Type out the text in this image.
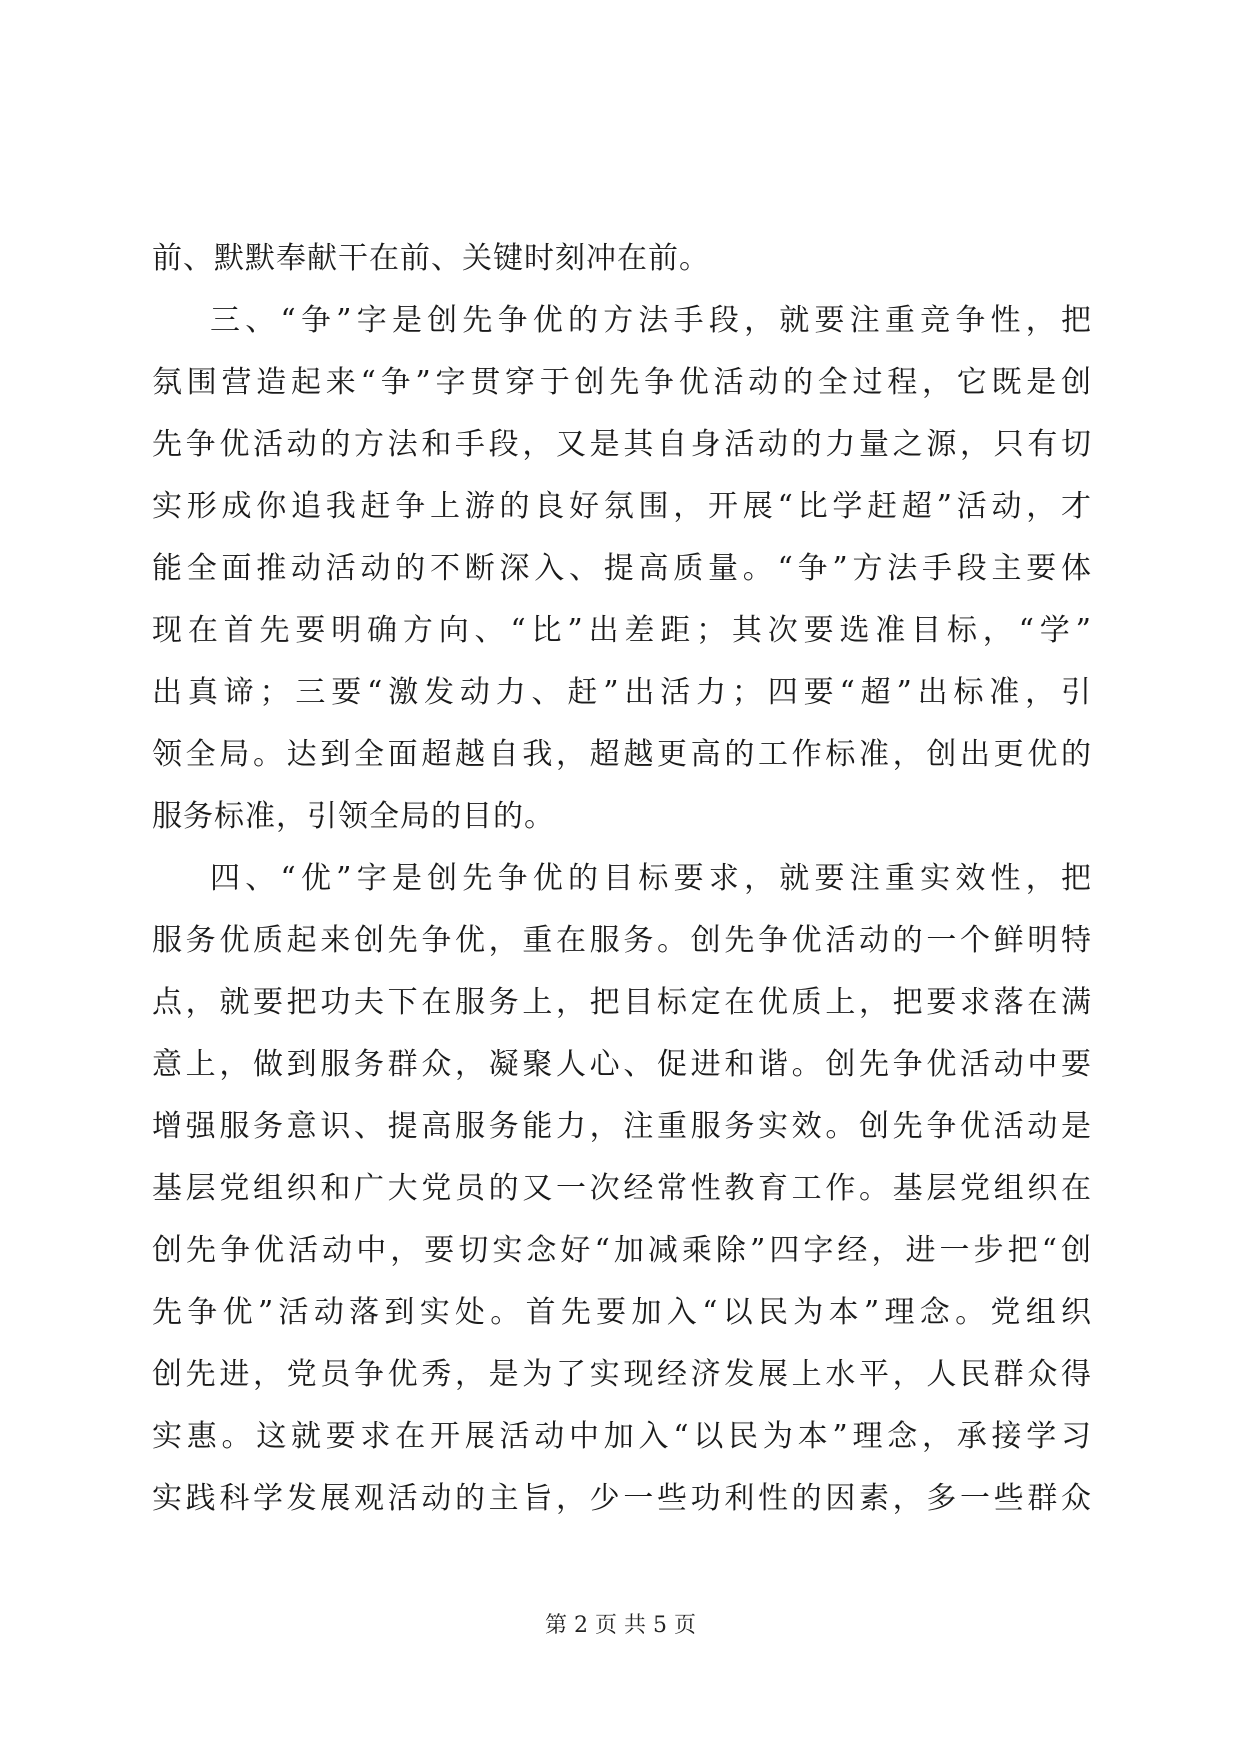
前、默默奉献干在前、关键时刻冲在前。
三、“争”字是创先争优的方法手段，就要注重竞争性，把
氛围营造起来“争”字贯穿于创先争优活动的全过程，它既是创
先争优活动的方法和手段，又是其自身活动的力量之源，只有切
实形成你追我赶争上游的良好氛围，开展“比学赶超”活动，才
能全面推动活动的不断深入、提高质量。“争”方法手段主要体
现在首先要明确方向、“比”出差距；其次要选准目标，“学”
出真谛；三要“激发动力、赶”出活力；四要“超”出标准，引
领全局。达到全面超越自我，超越更高的工作标准，创出更优的
服务标准，引领全局的目的。
四、“优”字是创先争优的目标要求，就要注重实效性，把
服务优质起来创先争优，重在服务。创先争优活动的一个鲜明特
点，就要把功夫下在服务上，把目标定在优质上，把要求落在满
意上，做到服务群众，凝聚人心、促进和谐。创先争优活动中要
增强服务意识、提高服务能力，注重服务实效。创先争优活动是
基层党组织和广大党员的又一次经常性教育工作。基层党组织在
创先争优活动中，要切实念好“加减乘除”四字经，进一步把“创
先争优”活动落到实处。首先要加入“以民为本”理念。党组织
创先进，党员争优秀，是为了实现经济发展上水平，人民群众得
实惠。这就要求在开展活动中加入“以民为本”理念，承接学习
实践科学发展观活动的主旨，少一些功利性的因素，多一些群众
第 2 页 共 5 页
